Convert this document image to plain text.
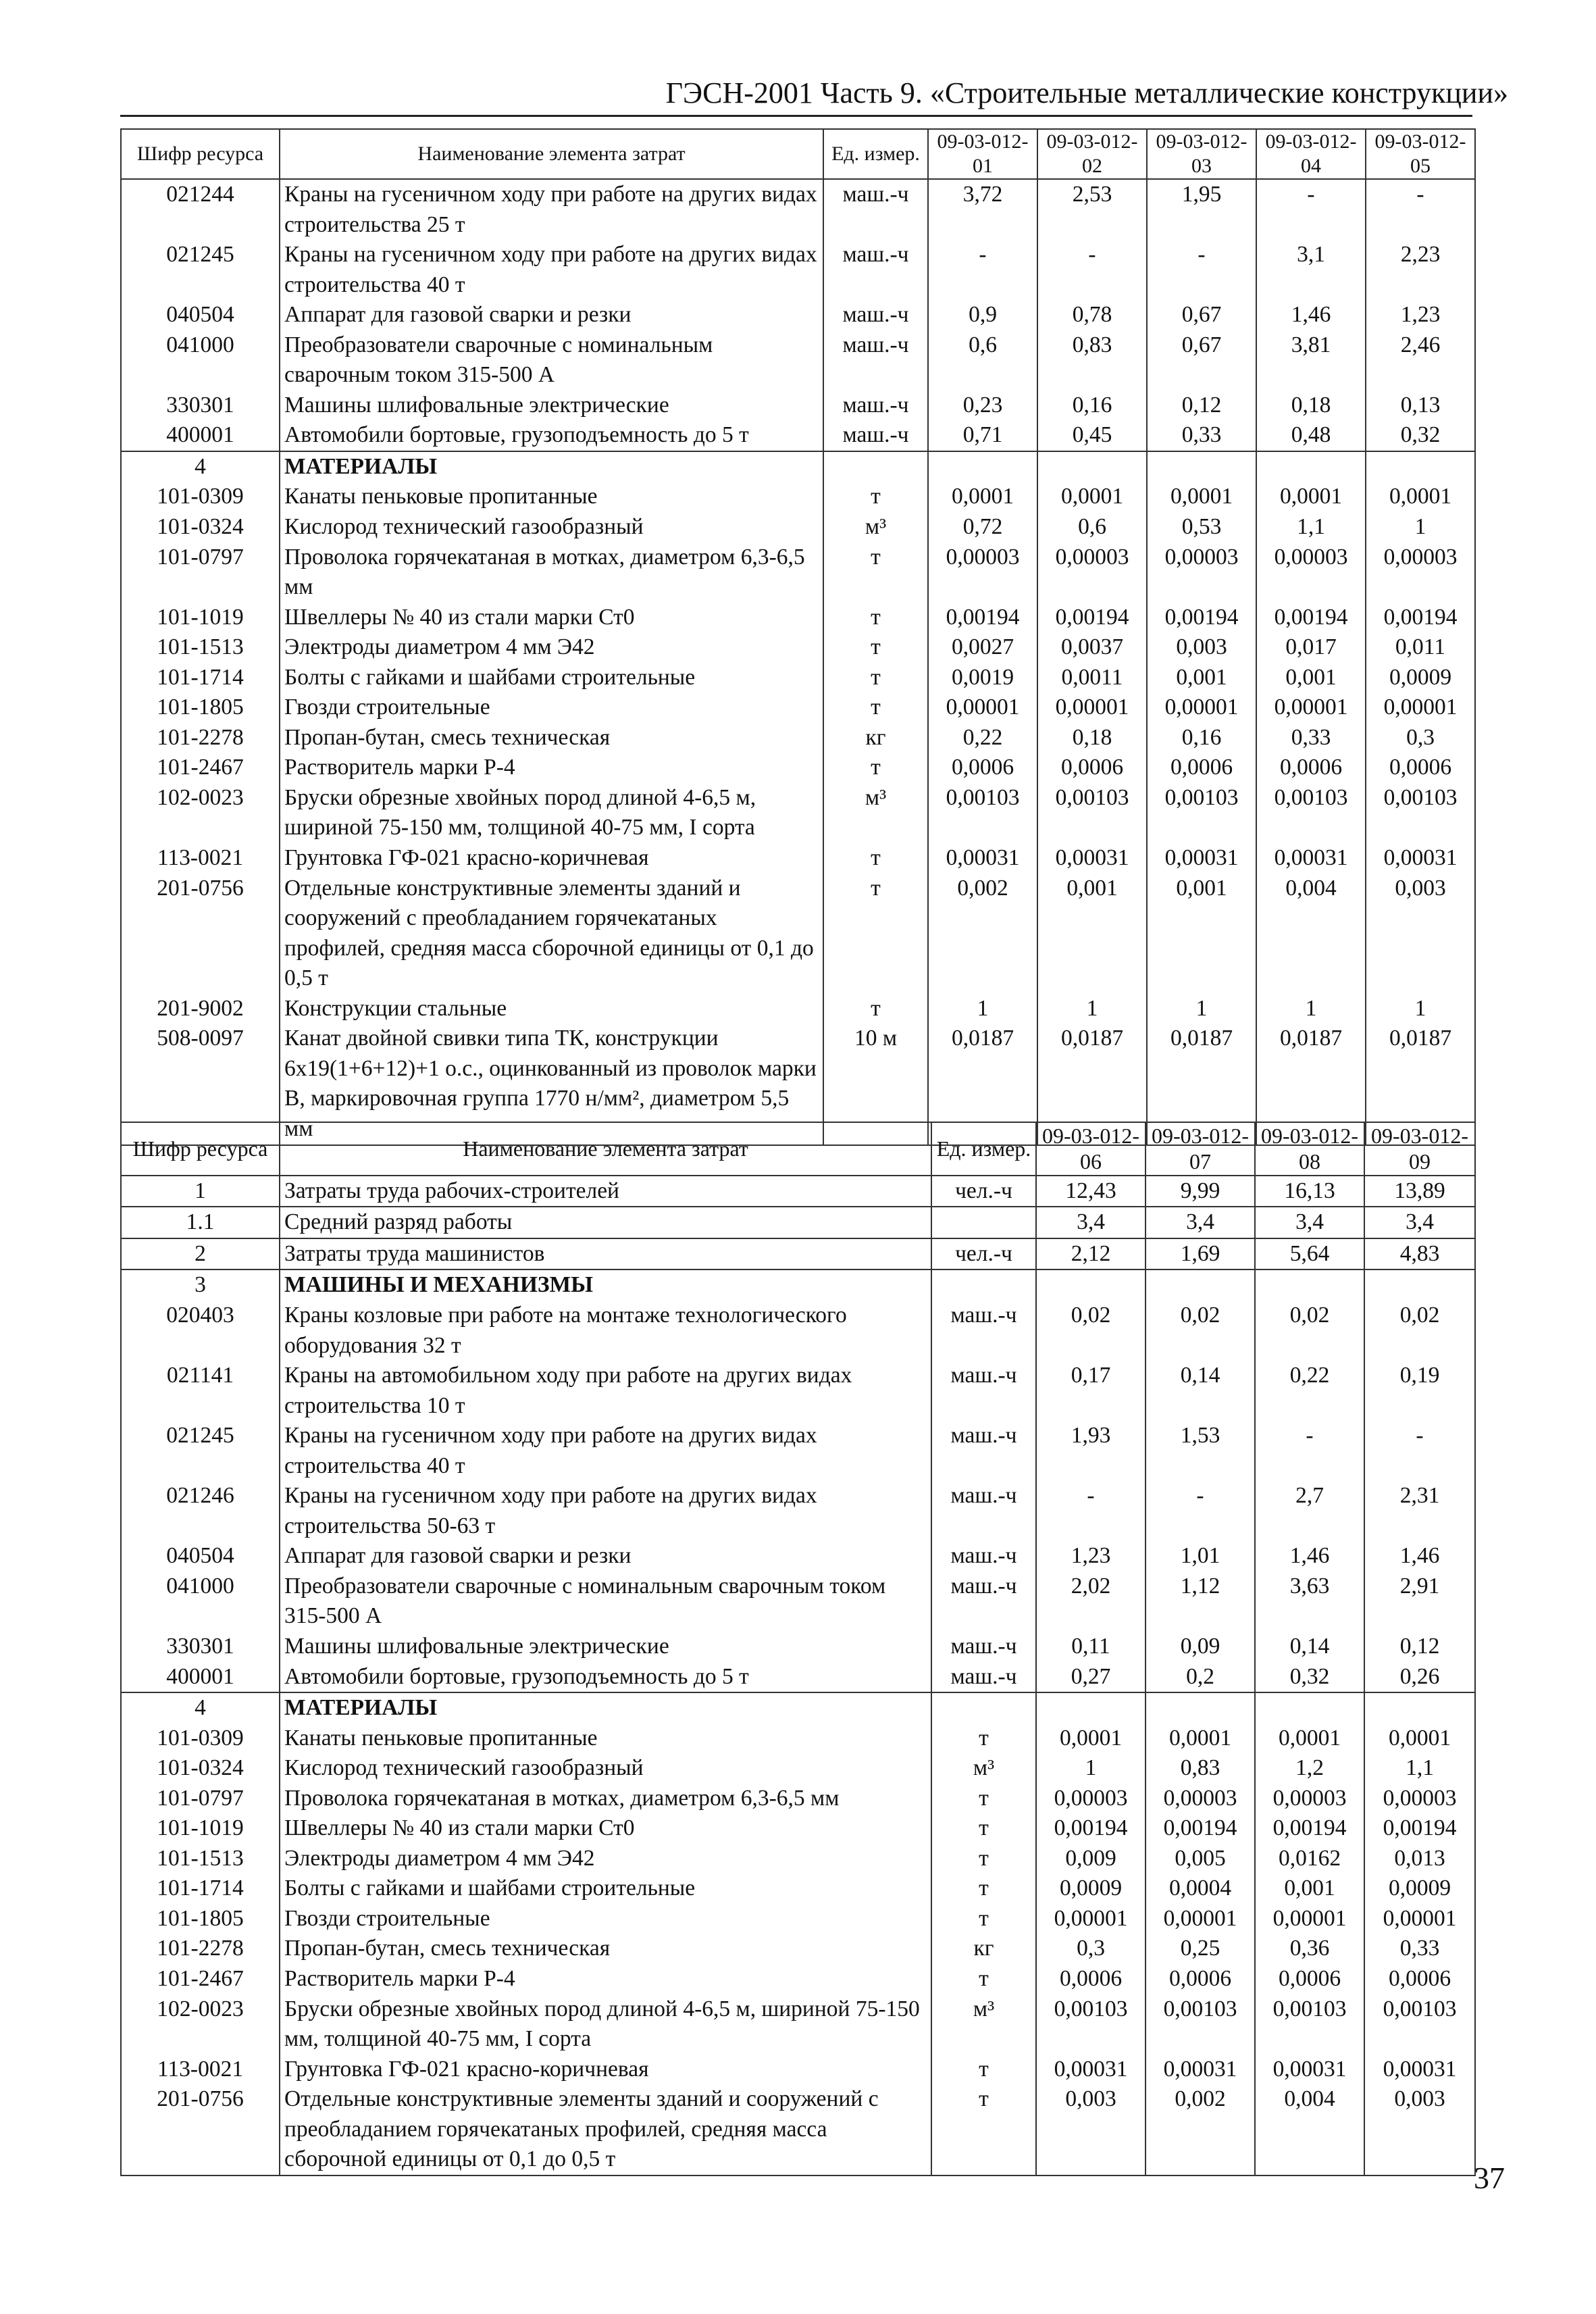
ГЭСН-2001 Часть 9. «Строительные металлические конструкции»
Шифр ресурса	Наименование элемента затрат	Ед. измер.	09-03-012-01	09-03-012-02	09-03-012-03	09-03-012-04	09-03-012-05
021244	Краны на гусеничном ходу при работе на других видах строительства 25 т	маш.-ч	3,72	2,53	1,95	-	-
021245	Краны на гусеничном ходу при работе на других видах строительства 40 т	маш.-ч	-	-	-	3,1	2,23
040504	Аппарат для газовой сварки и резки	маш.-ч	0,9	0,78	0,67	1,46	1,23
041000	Преобразователи сварочные с номинальным сварочным током 315-500 А	маш.-ч	0,6	0,83	0,67	3,81	2,46
330301	Машины шлифовальные электрические	маш.-ч	0,23	0,16	0,12	0,18	0,13
400001	Автомобили бортовые, грузоподъемность до 5 т	маш.-ч	0,71	0,45	0,33	0,48	0,32
4	МАТЕРИАЛЫ						
101-0309	Канаты пеньковые пропитанные	т	0,0001	0,0001	0,0001	0,0001	0,0001
101-0324	Кислород технический газообразный	м³	0,72	0,6	0,53	1,1	1
101-0797	Проволока горячекатаная в мотках, диаметром 6,3-6,5 мм	т	0,00003	0,00003	0,00003	0,00003	0,00003
101-1019	Швеллеры № 40 из стали марки Ст0	т	0,00194	0,00194	0,00194	0,00194	0,00194
101-1513	Электроды диаметром 4 мм Э42	т	0,0027	0,0037	0,003	0,017	0,011
101-1714	Болты с гайками и шайбами строительные	т	0,0019	0,0011	0,001	0,001	0,0009
101-1805	Гвозди строительные	т	0,00001	0,00001	0,00001	0,00001	0,00001
101-2278	Пропан-бутан, смесь техническая	кг	0,22	0,18	0,16	0,33	0,3
101-2467	Растворитель марки Р-4	т	0,0006	0,0006	0,0006	0,0006	0,0006
102-0023	Бруски обрезные хвойных пород длиной 4-6,5 м, шириной 75-150 мм, толщиной 40-75 мм, I сорта	м³	0,00103	0,00103	0,00103	0,00103	0,00103
113-0021	Грунтовка ГФ-021 красно-коричневая	т	0,00031	0,00031	0,00031	0,00031	0,00031
201-0756	Отдельные конструктивные элементы зданий и сооружений с преобладанием горячекатаных профилей, средняя масса сборочной единицы от 0,1 до 0,5 т	т	0,002	0,001	0,001	0,004	0,003
201-9002	Конструкции стальные	т	1	1	1	1	1
508-0097	Канат двойной свивки типа ТК, конструкции 6х19(1+6+12)+1 о.с., оцинкованный из проволок марки В, маркировочная группа 1770 н/мм², диаметром 5,5 мм	10 м	0,0187	0,0187	0,0187	0,0187	0,0187
Шифр ресурса	Наименование элемента затрат	Ед. измер.	09-03-012-06	09-03-012-07	09-03-012-08	09-03-012-09
1	Затраты труда рабочих-строителей	чел.-ч	12,43	9,99	16,13	13,89
1.1	Средний разряд работы		3,4	3,4	3,4	3,4
2	Затраты труда машинистов	чел.-ч	2,12	1,69	5,64	4,83
3	МАШИНЫ И МЕХАНИЗМЫ					
020403	Краны козловые при работе на монтаже технологического оборудования 32 т	маш.-ч	0,02	0,02	0,02	0,02
021141	Краны на автомобильном ходу при работе на других видах строительства 10 т	маш.-ч	0,17	0,14	0,22	0,19
021245	Краны на гусеничном ходу при работе на других видах строительства 40 т	маш.-ч	1,93	1,53	-	-
021246	Краны на гусеничном ходу при работе на других видах строительства 50-63 т	маш.-ч	-	-	2,7	2,31
040504	Аппарат для газовой сварки и резки	маш.-ч	1,23	1,01	1,46	1,46
041000	Преобразователи сварочные с номинальным сварочным током 315-500 А	маш.-ч	2,02	1,12	3,63	2,91
330301	Машины шлифовальные электрические	маш.-ч	0,11	0,09	0,14	0,12
400001	Автомобили бортовые, грузоподъемность до 5 т	маш.-ч	0,27	0,2	0,32	0,26
4	МАТЕРИАЛЫ					
101-0309	Канаты пеньковые пропитанные	т	0,0001	0,0001	0,0001	0,0001
101-0324	Кислород технический газообразный	м³	1	0,83	1,2	1,1
101-0797	Проволока горячекатаная в мотках, диаметром 6,3-6,5 мм	т	0,00003	0,00003	0,00003	0,00003
101-1019	Швеллеры № 40 из стали марки Ст0	т	0,00194	0,00194	0,00194	0,00194
101-1513	Электроды диаметром 4 мм Э42	т	0,009	0,005	0,0162	0,013
101-1714	Болты с гайками и шайбами строительные	т	0,0009	0,0004	0,001	0,0009
101-1805	Гвозди строительные	т	0,00001	0,00001	0,00001	0,00001
101-2278	Пропан-бутан, смесь техническая	кг	0,3	0,25	0,36	0,33
101-2467	Растворитель марки Р-4	т	0,0006	0,0006	0,0006	0,0006
102-0023	Бруски обрезные хвойных пород длиной 4-6,5 м, шириной 75-150 мм, толщиной 40-75 мм, I сорта	м³	0,00103	0,00103	0,00103	0,00103
113-0021	Грунтовка ГФ-021 красно-коричневая	т	0,00031	0,00031	0,00031	0,00031
201-0756	Отдельные конструктивные элементы зданий и сооружений с преобладанием горячекатаных профилей, средняя масса сборочной единицы от 0,1 до 0,5 т	т	0,003	0,002	0,004	0,003
37
